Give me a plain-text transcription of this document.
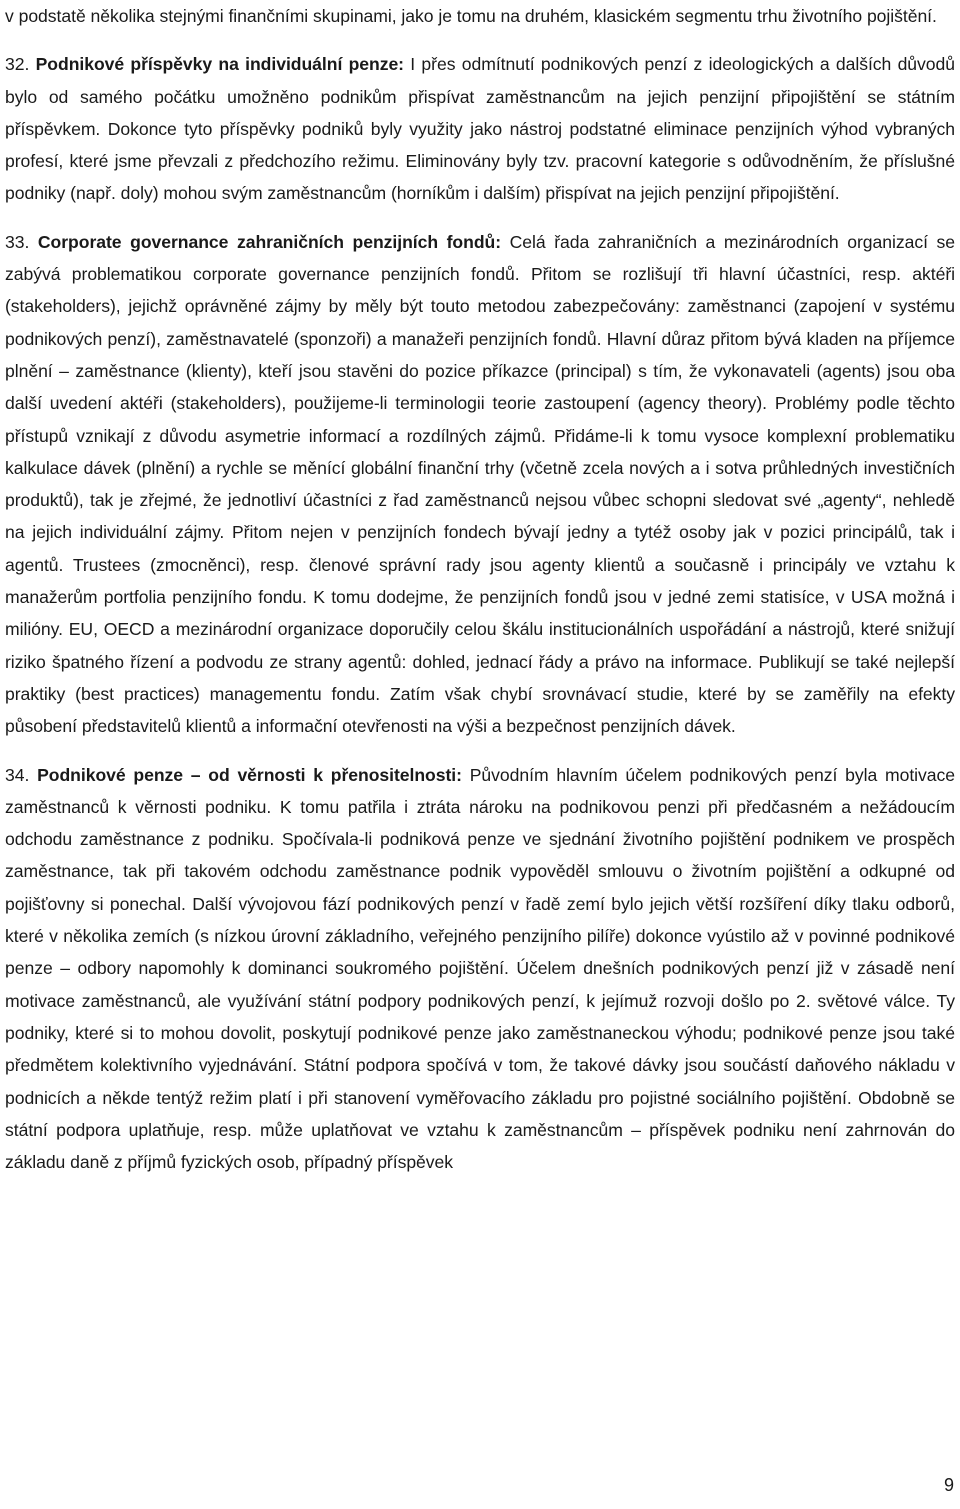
v podstatě několika stejnými finančními skupinami, jako je tomu na druhém, klasickém segmentu trhu životního pojištění.

32. Podnikové příspěvky na individuální penze: I přes odmítnutí podnikových penzí z ideologických a dalších důvodů bylo od samého počátku umožněno podnikům přispívat zaměstnancům na jejich penzijní připojištění se státním příspěvkem. Dokonce tyto příspěvky podniků byly využity jako nástroj podstatné eliminace penzijních výhod vybraných profesí, které jsme převzali z předchozího režimu. Eliminovány byly tzv. pracovní kategorie s odůvodněním, že příslušné podniky (např. doly) mohou svým zaměstnancům (horníkům i dalším) přispívat na jejich penzijní připojištění.

33. Corporate governance zahraničních penzijních fondů: Celá řada zahraničních a mezinárodních organizací se zabývá problematikou corporate governance penzijních fondů. Přitom se rozlišují tři hlavní účastníci, resp. aktéři (stakeholders), jejichž oprávněné zájmy by měly být touto metodou zabezpečovány: zaměstnanci (zapojení v systému podnikových penzí), zaměstnavatelé (sponzoři) a manažeři penzijních fondů. Hlavní důraz přitom bývá kladen na příjemce plnění – zaměstnance (klienty), kteří jsou stavěni do pozice příkazce (principal) s tím, že vykonavateli (agents) jsou oba další uvedení aktéři (stakeholders), použijeme-li terminologii teorie zastoupení (agency theory). Problémy podle těchto přístupů vznikají z důvodu asymetrie informací a rozdílných zájmů. Přidáme-li k tomu vysoce komplexní problematiku kalkulace dávek (plnění) a rychle se měnící globální finanční trhy (včetně zcela nových a i sotva průhledných investičních produktů), tak je zřejmé, že jednotliví účastníci z řad zaměstnanců nejsou vůbec schopni sledovat své „agenty“, nehledě na jejich individuální zájmy. Přitom nejen v penzijních fondech bývají jedny a tytéž osoby jak v pozici principálů, tak i agentů. Trustees (zmocněnci), resp. členové správní rady jsou agenty klientů a současně i principály ve vztahu k manažerům portfolia penzijního fondu. K tomu dodejme, že penzijních fondů jsou v jedné zemi statisíce, v USA možná i milióny. EU, OECD a mezinárodní organizace doporučily celou škálu institucionálních uspořádání a nástrojů, které snižují riziko špatného řízení a podvodu ze strany agentů: dohled, jednací řády a právo na informace. Publikují se také nejlepší praktiky (best practices) managementu fondu. Zatím však chybí srovnávací studie, které by se zaměřily na efekty působení představitelů klientů a informační otevřenosti na výši a bezpečnost penzijních dávek.

34. Podnikové penze – od věrnosti k přenositelnosti: Původním hlavním účelem podnikových penzí byla motivace zaměstnanců k věrnosti podniku. K tomu patřila i ztráta nároku na podnikovou penzi při předčasném a nežádoucím odchodu zaměstnance z podniku. Spočívala-li podniková penze ve sjednání životního pojištění podnikem ve prospěch zaměstnance, tak při takovém odchodu zaměstnance podnik vypověděl smlouvu o životním pojištění a odkupné od pojišťovny si ponechal. Další vývojovou fází podnikových penzí v řadě zemí bylo jejich větší rozšíření díky tlaku odborů, které v několika zemích (s nízkou úrovní základního, veřejného penzijního pilíře) dokonce vyústilo až v povinné podnikové penze – odbory napomohly k dominanci soukromého pojištění. Účelem dnešních podnikových penzí již v zásadě není motivace zaměstnanců, ale využívání státní podpory podnikových penzí, k jejímuž rozvoji došlo po 2. světové válce. Ty podniky, které si to mohou dovolit, poskytují podnikové penze jako zaměstnaneckou výhodu; podnikové penze jsou také předmětem kolektivního vyjednávání. Státní podpora spočívá v tom, že takové dávky jsou součástí daňového nákladu v podnicích a někde tentýž režim platí i při stanovení vyměřovacího základu pro pojistné sociálního pojištění. Obdobně se státní podpora uplatňuje, resp. může uplatňovat ve vztahu k zaměstnancům – příspěvek podniku není zahrnován do základu daně z příjmů fyzických osob, případný příspěvek

9
